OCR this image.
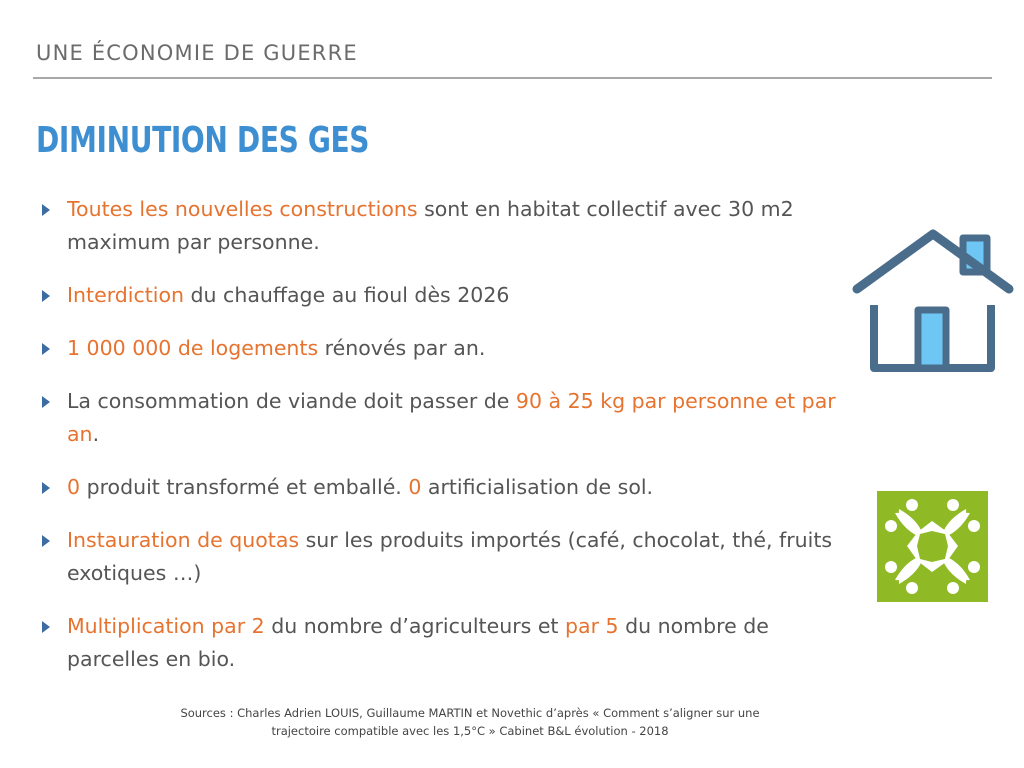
UNE ÉCONOMIE DE GUERRE
DIMINUTION DES GES
Toutes les nouvelles constructions sont en habitat collectif avec 30 m2 maximum par personne.
Interdiction du chauffage au fioul dès 2026
1 000 000 de logements rénovés par an.
La consommation de viande doit passer de 90 à 25 kg par personne et par an.
0 produit transformé et emballé. 0 artificialisation de sol.
Instauration de quotas sur les produits importés (café, chocolat, thé, fruits exotiques …)
Multiplication par 2 du nombre d’agriculteurs et par 5 du nombre de parcelles en bio.
Sources : Charles Adrien LOUIS, Guillaume MARTIN et Novethic d’après « Comment s’aligner sur une
trajectoire compatible avec les 1,5°C » Cabinet B&L évolution - 2018
